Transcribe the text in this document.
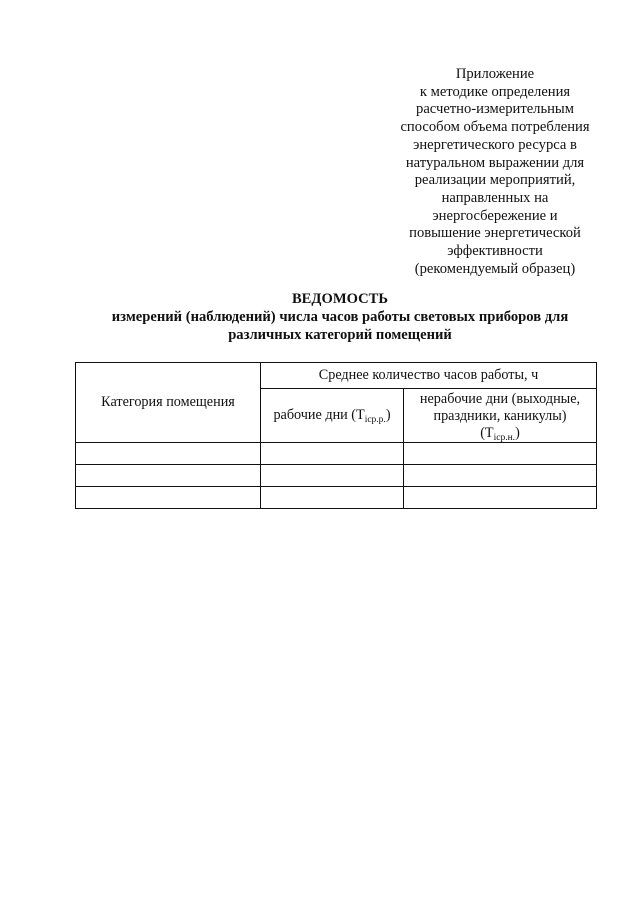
Приложение
к методике определения
расчетно-измерительным
способом объема потребления
энергетического ресурса в
натуральном выражении для
реализации мероприятий,
направленных на
энергосбережение и
повышение энергетической
эффективности
(рекомендуемый образец)
ВЕДОМОСТЬ
измерений (наблюдений) числа часов работы световых приборов для
различных категорий помещений
Категория помещения	Среднее количество часов работы, ч	
	рабочие дни $(T_{icp.p.})$	нерабочие дни (выходные,
праздники, каникулы)
$(T_{icp.н.})$
